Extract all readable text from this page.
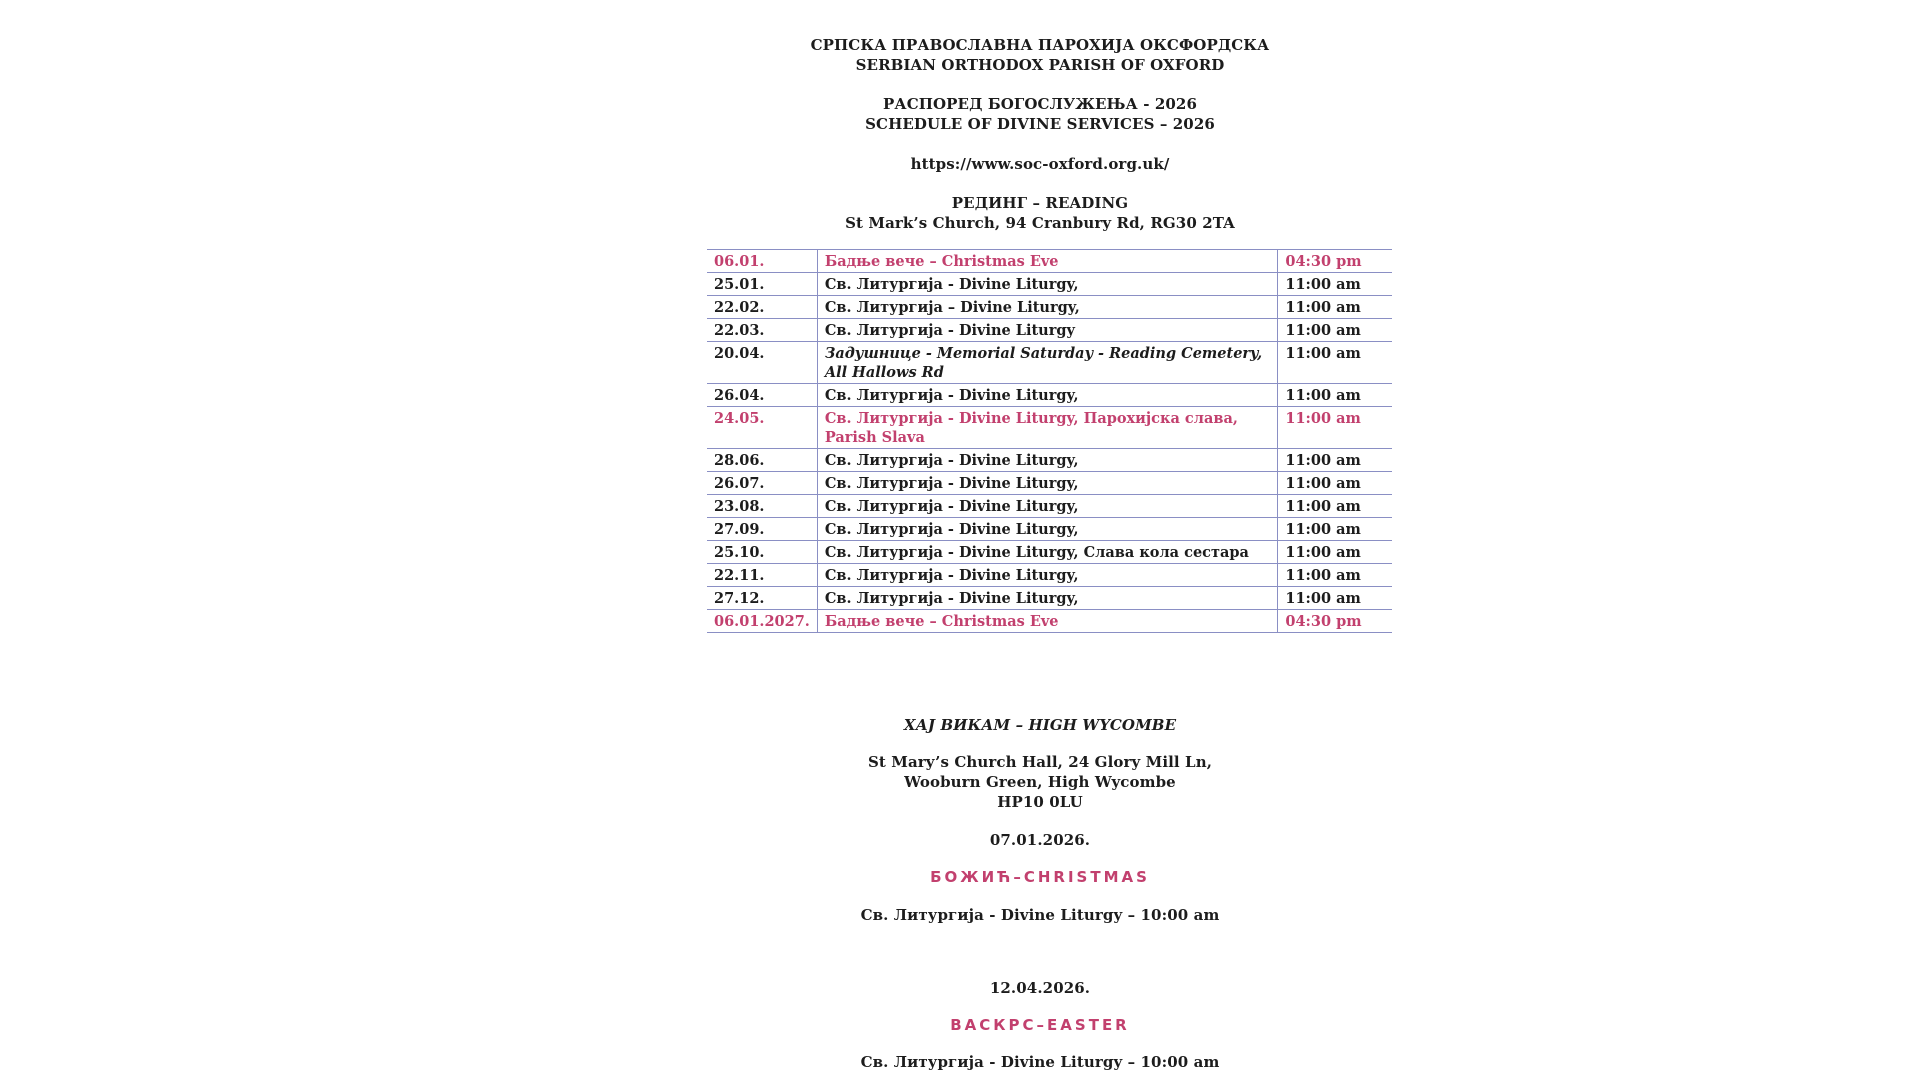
СРПСКА ПРАВОСЛАВНА ПАРОХИЈА ОКСФОРДСКА
SERBIAN ORTHODOX PARISH OF OXFORD
РАСПОРЕД БОГОСЛУЖЕЊА - 2026
SCHEDULE OF DIVINE SERVICES – 2026
https://www.soc-oxford.org.uk/
РЕДИНГ – READING
St Mark’s Church, 94 Cranbury Rd, RG30 2TA
06.01.	Бадње вече – Christmas Eve	04:30 pm
25.01.	Св. Литургија - Divine Liturgy,	11:00 am
22.02.	Св. Литургија – Divine Liturgy,	11:00 am
22.03.	Св. Литургија - Divine Liturgy	11:00 am
20.04.	Задушнице - Memorial Saturday - Reading Cemetery, All Hallows Rd	11:00 am
26.04.	Св. Литургија - Divine Liturgy,	11:00 am
24.05.	Св. Литургија - Divine Liturgy, Парохијска слава, Parish Slava	11:00 am
28.06.	Св. Литургија - Divine Liturgy,	11:00 am
26.07.	Св. Литургија - Divine Liturgy,	11:00 am
23.08.	Св. Литургија - Divine Liturgy,	11:00 am
27.09.	Св. Литургија - Divine Liturgy,	11:00 am
25.10.	Св. Литургија - Divine Liturgy, Слава кола сестара	11:00 am
22.11.	Св. Литургија - Divine Liturgy,	11:00 am
27.12.	Св. Литургија - Divine Liturgy,	11:00 am
06.01.2027.	Бадње вече – Christmas Eve	04:30 pm
ХАЈ ВИКАМ – HIGH WYCOMBE
St Mary’s Church Hall, 24 Glory Mill Ln,
Wooburn Green, High Wycombe
HP10 0LU
07.01.2026.
БОЖИЋ–CHRISTMAS
Св. Литургија - Divine Liturgy – 10:00 am
12.04.2026.
ВАСКРС–EASTER
Св. Литургија - Divine Liturgy – 10:00 am
